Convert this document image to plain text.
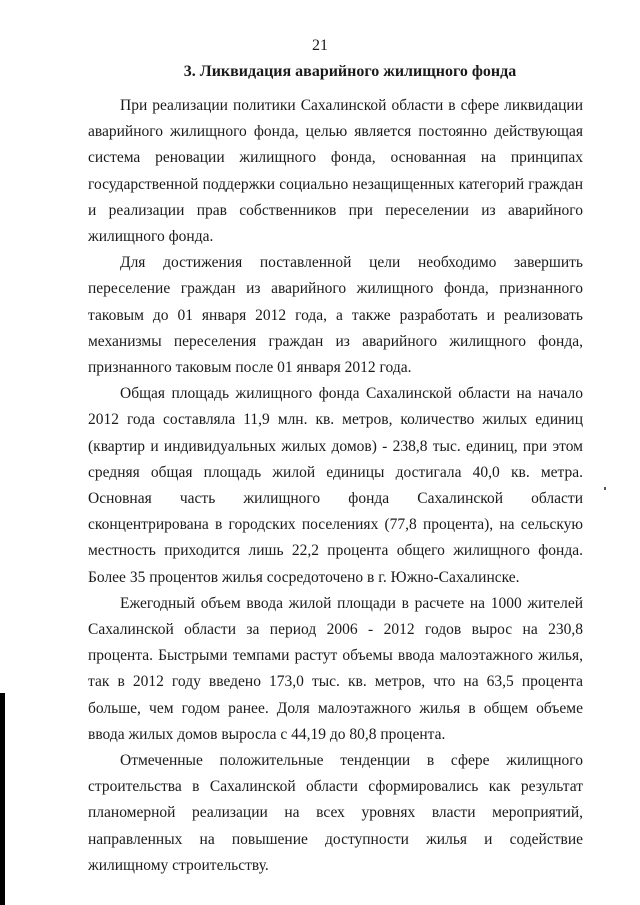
21
3. Ликвидация аварийного жилищного фонда

При реализации политики Сахалинской области в сфере ликвидации аварийного жилищного фонда, целью является постоянно действующая система реновации жилищного фонда, основанная на принципах государственной поддержки социально незащищенных категорий граждан и реализации прав собственников при переселении из аварийного жилищного фонда.

Для достижения поставленной цели необходимо завершить переселение граждан из аварийного жилищного фонда, признанного таковым до 01 января 2012 года, а также разработать и реализовать механизмы переселения граждан из аварийного жилищного фонда, признанного таковым после 01 января 2012 года.

Общая площадь жилищного фонда Сахалинской области на начало 2012 года составляла 11,9 млн. кв. метров, количество жилых единиц (квартир и индивидуальных жилых домов) - 238,8 тыс. единиц, при этом средняя общая площадь жилой единицы достигала 40,0 кв. метра. Основная часть жилищного фонда Сахалинской области сконцентрирована в городских поселениях (77,8 процента), на сельскую местность приходится лишь 22,2 процента общего жилищного фонда. Более 35 процентов жилья сосредоточено в г. Южно-Сахалинске.

Ежегодный объем ввода жилой площади в расчете на 1000 жителей Сахалинской области за период 2006 - 2012 годов вырос на 230,8 процента. Быстрыми темпами растут объемы ввода малоэтажного жилья, так в 2012 году введено 173,0 тыс. кв. метров, что на 63,5 процента больше, чем годом ранее. Доля малоэтажного жилья в общем объеме ввода жилых домов выросла с 44,19 до 80,8 процента.

Отмеченные положительные тенденции в сфере жилищного строительства в Сахалинской области сформировались как результат планомерной реализации на всех уровнях власти мероприятий, направленных на повышение доступности жилья и содействие жилищному строительству.
